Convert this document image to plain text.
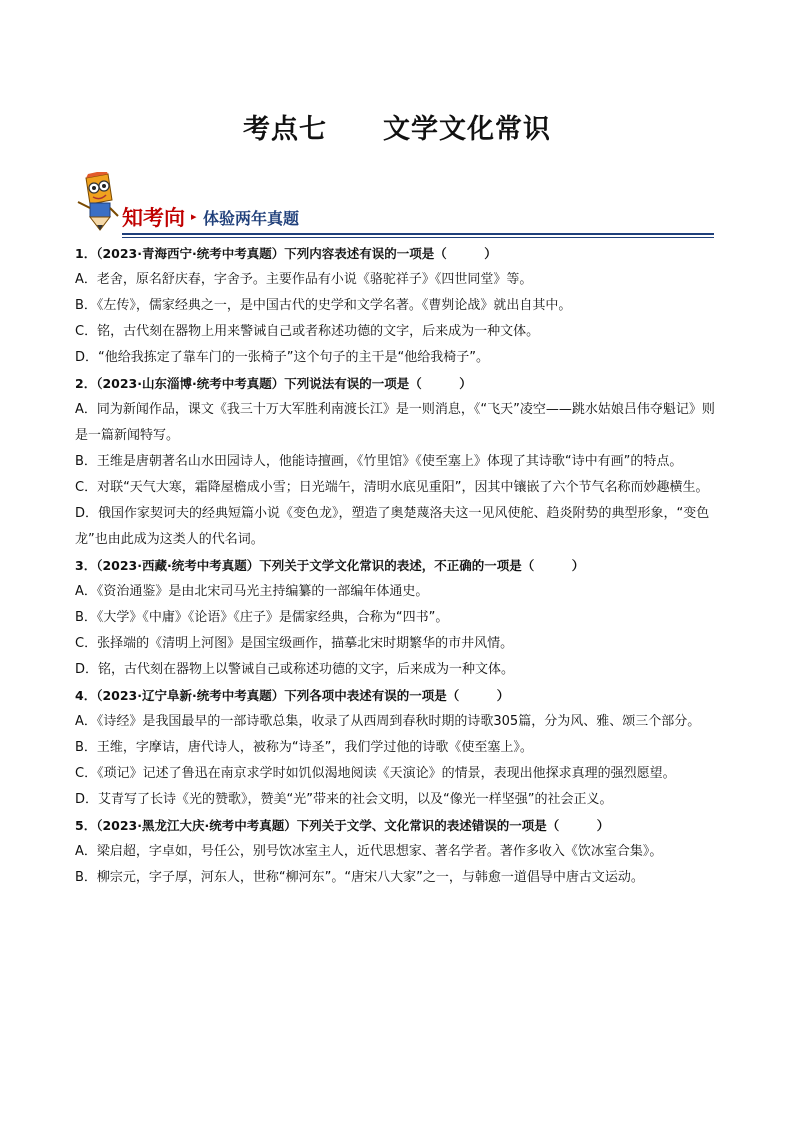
考点七　　文学文化常识
知考向 ▸ 体验两年真题
1．（2023·青海西宁·统考中考真题）下列内容表述有误的一项是（　　　）
A．老舍，原名舒庆春，字舍予。主要作品有小说《骆驼祥子》《四世同堂》等。
B．《左传》，儒家经典之一，是中国古代的史学和文学名著。《曹刿论战》就出自其中。
C．铭，古代刻在器物上用来警诫自己或者称述功德的文字，后来成为一种文体。
D．“他给我拣定了靠车门的一张椅子”这个句子的主干是“他给我椅子”。
2．（2023·山东淄博·统考中考真题）下列说法有误的一项是（　　　）
A．同为新闻作品，课文《我三十万大军胜利南渡长江》是一则消息，《“飞天”凌空——跳水姑娘吕伟夺魁记》则是一篇新闻特写。
B．王维是唐朝著名山水田园诗人，他能诗擅画，《竹里馆》《使至塞上》体现了其诗歌“诗中有画”的特点。
C．对联“天气大寒，霜降屋檐成小雪；日光端午，清明水底见重阳”，因其中镶嵌了六个节气名称而妙趣横生。
D．俄国作家契诃夫的经典短篇小说《变色龙》，塑造了奥楚蔑洛夫这一见风使舵、趋炎附势的典型形象，“变色龙”也由此成为这类人的代名词。
3．（2023·西藏·统考中考真题）下列关于文学文化常识的表述，不正确的一项是（　　　）
A．《资治通鉴》是由北宋司马光主持编纂的一部编年体通史。
B．《大学》《中庸》《论语》《庄子》是儒家经典，合称为“四书”。
C．张择端的《清明上河图》是国宝级画作，描摹北宋时期繁华的市井风情。
D．铭，古代刻在器物上以警诫自己或称述功德的文字，后来成为一种文体。
4．（2023·辽宁阜新·统考中考真题）下列各项中表述有误的一项是（　　　）
A．《诗经》是我国最早的一部诗歌总集，收录了从西周到春秋时期的诗歌305篇，分为风、雅、颂三个部分。
B．王维，字摩诘，唐代诗人，被称为“诗圣”，我们学过他的诗歌《使至塞上》。
C．《琐记》记述了鲁迅在南京求学时如饥似渴地阅读《天演论》的情景，表现出他探求真理的强烈愿望。
D．艾青写了长诗《光的赞歌》，赞美“光”带来的社会文明，以及“像光一样坚强”的社会正义。
5．（2023·黑龙江大庆·统考中考真题）下列关于文学、文化常识的表述错误的一项是（　　　）
A．梁启超，字卓如，号任公，别号饮冰室主人，近代思想家、著名学者。著作多收入《饮冰室合集》。
B．柳宗元，字子厚，河东人，世称“柳河东”。“唐宋八大家”之一，与韩愈一道倡导中唐古文运动。
